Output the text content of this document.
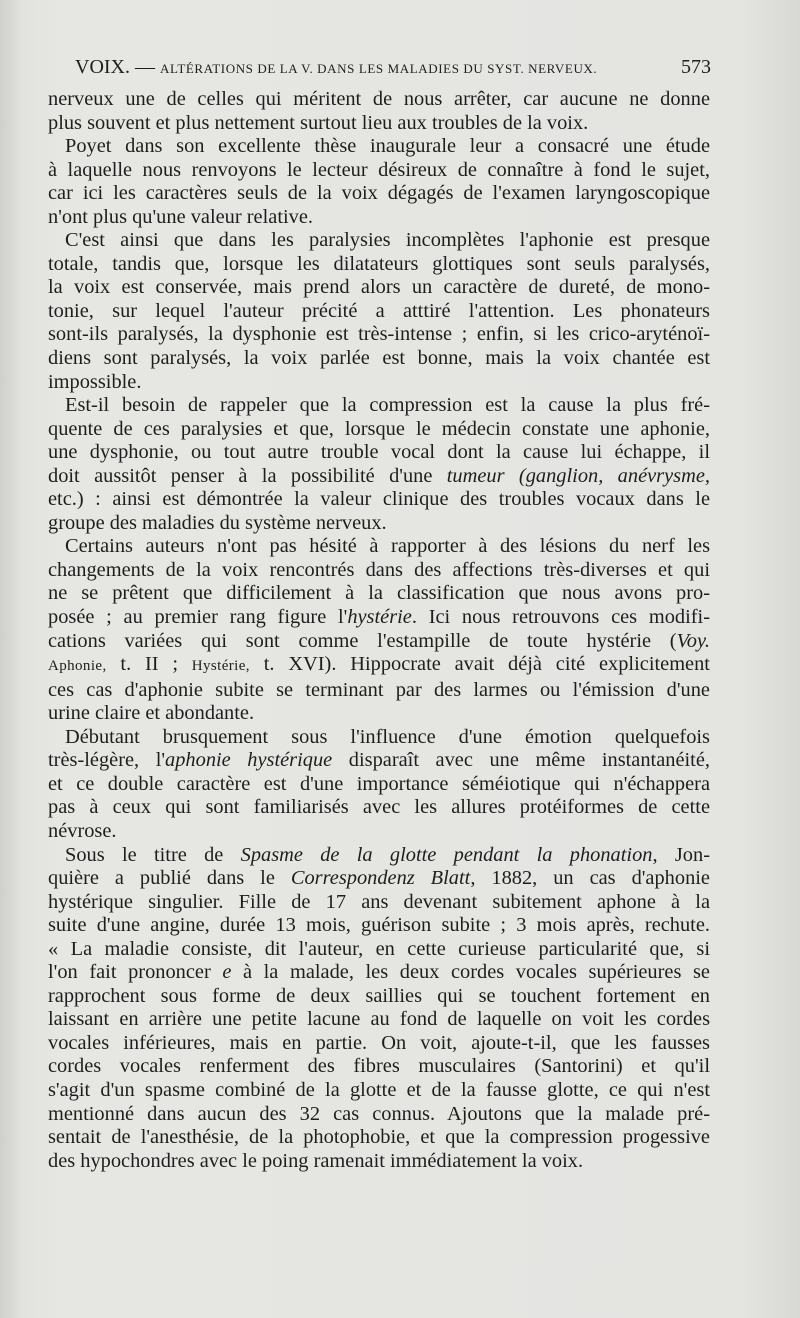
VOIX. — ALTÉRATIONS DE LA V. DANS LES MALADIES DU SYST. NERVEUX.	573
nerveux une de celles qui méritent de nous arrêter, car aucune ne donne
plus souvent et plus nettement surtout lieu aux troubles de la voix.
Poyet dans son excellente thèse inaugurale leur a consacré une étude
à laquelle nous renvoyons le lecteur désireux de connaître à fond le sujet,
car ici les caractères seuls de la voix dégagés de l'examen laryngoscopique
n'ont plus qu'une valeur relative.
C'est ainsi que dans les paralysies incomplètes l'aphonie est presque
totale, tandis que, lorsque les dilatateurs glottiques sont seuls paralysés,
la voix est conservée, mais prend alors un caractère de dureté, de mono-
tonie, sur lequel l'auteur précité a atttiré l'attention. Les phonateurs
sont-ils paralysés, la dysphonie est très-intense ; enfin, si les crico-aryténoï-
diens sont paralysés, la voix parlée est bonne, mais la voix chantée est
impossible.
Est-il besoin de rappeler que la compression est la cause la plus fré-
quente de ces paralysies et que, lorsque le médecin constate une aphonie,
une dysphonie, ou tout autre trouble vocal dont la cause lui échappe, il
doit aussitôt penser à la possibilité d'une tumeur (ganglion, anévrysme,
etc.) : ainsi est démontrée la valeur clinique des troubles vocaux dans le
groupe des maladies du système nerveux.
Certains auteurs n'ont pas hésité à rapporter à des lésions du nerf les
changements de la voix rencontrés dans des affections très-diverses et qui
ne se prêtent que difficilement à la classification que nous avons pro-
posée ; au premier rang figure l'hystérie. Ici nous retrouvons ces modifi-
cations variées qui sont comme l'estampille de toute hystérie (Voy.
Aphonie, t. II ; Hystérie, t. XVI). Hippocrate avait déjà cité explicitement
ces cas d'aphonie subite se terminant par des larmes ou l'émission d'une
urine claire et abondante.
Débutant brusquement sous l'influence d'une émotion quelquefois
très-légère, l'aphonie hystérique disparaît avec une même instantanéité,
et ce double caractère est d'une importance séméiotique qui n'échappera
pas à ceux qui sont familiarisés avec les allures protéiformes de cette
névrose.
Sous le titre de Spasme de la glotte pendant la phonation, Jon-
quière a publié dans le Correspondenz Blatt, 1882, un cas d'aphonie
hystérique singulier. Fille de 17 ans devenant subitement aphone à la
suite d'une angine, durée 13 mois, guérison subite ; 3 mois après, rechute.
« La maladie consiste, dit l'auteur, en cette curieuse particularité que, si
l'on fait prononcer e à la malade, les deux cordes vocales supérieures se
rapprochent sous forme de deux saillies qui se touchent fortement en
laissant en arrière une petite lacune au fond de laquelle on voit les cordes
vocales inférieures, mais en partie. On voit, ajoute-t-il, que les fausses
cordes vocales renferment des fibres musculaires (Santorini) et qu'il
s'agit d'un spasme combiné de la glotte et de la fausse glotte, ce qui n'est
mentionné dans aucun des 32 cas connus. Ajoutons que la malade pré-
sentait de l'anesthésie, de la photophobie, et que la compression progessive
des hypochondres avec le poing ramenait immédiatement la voix.
